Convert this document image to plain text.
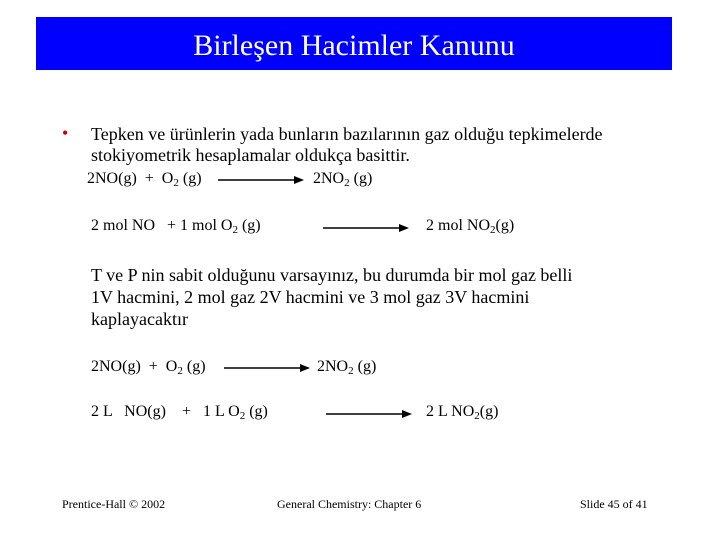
Birleşen Hacimler Kanunu
• Tepken ve ürünlerin yada bunların bazılarının gaz olduğu tepkimelerde
stokiyometrik hesaplamalar oldukça basittir.
$2NO(g) + O_2$ (g)	$2NO_2$ (g)
2 mol NO + 1 mol $O_2$ (g)	2 mol $NO_2(g)$
T ve P nin sabit olduğunu varsayınız, bu durumda bir mol gaz belli
1V hacmini, 2 mol gaz 2V hacmini ve 3 mol gaz 3V hacmini
kaplayacaktır
$2NO(g) + O_2$ (g)	$2NO_2$ (g)
2 L   NO(g) + 1 L $O_2$ (g)	2 L $NO_2(g)$
Prentice-Hall © 2002	General Chemistry: Chapter 6	Slide 45 of 41
